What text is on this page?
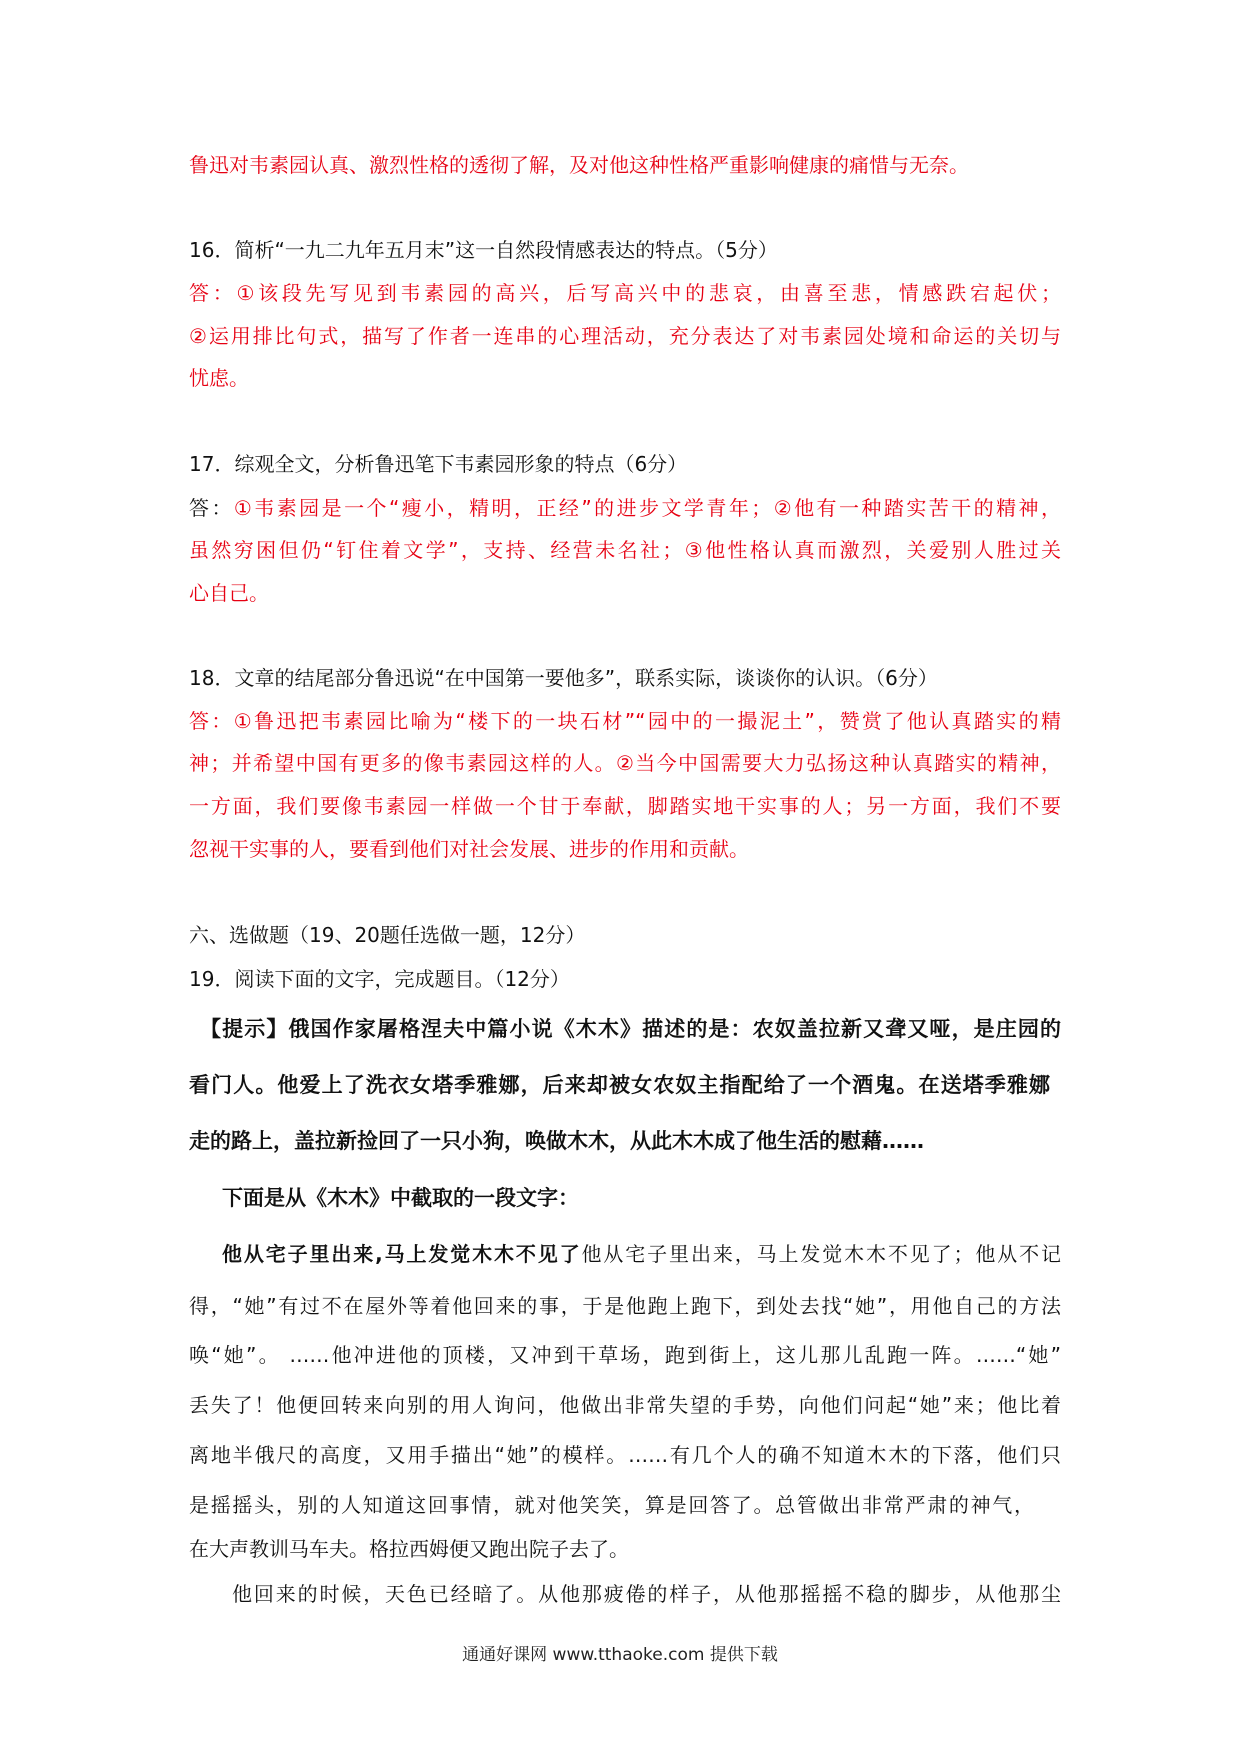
鲁迅对韦素园认真、激烈性格的透彻了解，及对他这种性格严重影响健康的痛惜与无奈。
16．简析“一九二九年五月末”这一自然段情感表达的特点。（5分）
答：①该段先写见到韦素园的高兴，后写高兴中的悲哀，由喜至悲，情感跌宕起伏；
②运用排比句式，描写了作者一连串的心理活动，充分表达了对韦素园处境和命运的关切与
忧虑。
17．综观全文，分析鲁迅笔下韦素园形象的特点（6分）
答：①韦素园是一个“瘦小，精明，正经”的进步文学青年；②他有一种踏实苦干的精神，
虽然穷困但仍“钉住着文学”，支持、经营未名社；③他性格认真而激烈，关爱别人胜过关
心自己。
18．文章的结尾部分鲁迅说“在中国第一要他多”，联系实际，谈谈你的认识。（6分）
答：①鲁迅把韦素园比喻为“楼下的一块石材”“园中的一撮泥土”，赞赏了他认真踏实的精
神；并希望中国有更多的像韦素园这样的人。②当今中国需要大力弘扬这种认真踏实的精神，
一方面，我们要像韦素园一样做一个甘于奉献，脚踏实地干实事的人；另一方面，我们不要
忽视干实事的人，要看到他们对社会发展、进步的作用和贡献。
六、选做题（19、20题任选做一题，12分）
19．阅读下面的文字，完成题目。（12分）
【提示】俄国作家屠格涅夫中篇小说《木木》描述的是：农奴盖拉新又聋又哑，是庄园的
看门人。他爱上了洗衣女塔季雅娜，后来却被女农奴主指配给了一个酒鬼。在送塔季雅娜
走的路上，盖拉新捡回了一只小狗，唤做木木，从此木木成了他生活的慰藉……
下面是从《木木》中截取的一段文字：
他从宅子里出来,马上发觉木木不见了他从宅子里出来，马上发觉木木不见了；他从不记
得，“她”有过不在屋外等着他回来的事，于是他跑上跑下，到处去找“她”，用他自己的方法
唤“她”。 ……他冲进他的顶楼，又冲到干草场，跑到街上，这儿那儿乱跑一阵。……“她”
丢失了！他便回转来向别的用人询问，他做出非常失望的手势，向他们问起“她”来；他比着
离地半俄尺的高度，又用手描出“她”的模样。……有几个人的确不知道木木的下落，他们只
是摇摇头，别的人知道这回事情，就对他笑笑，算是回答了。总管做出非常严肃的神气，
在大声教训马车夫。格拉西姆便又跑出院子去了。
他回来的时候，天色已经暗了。从他那疲倦的样子，从他那摇摇不稳的脚步，从他那尘
通通好课网 www.tthaoke.com 提供下载
